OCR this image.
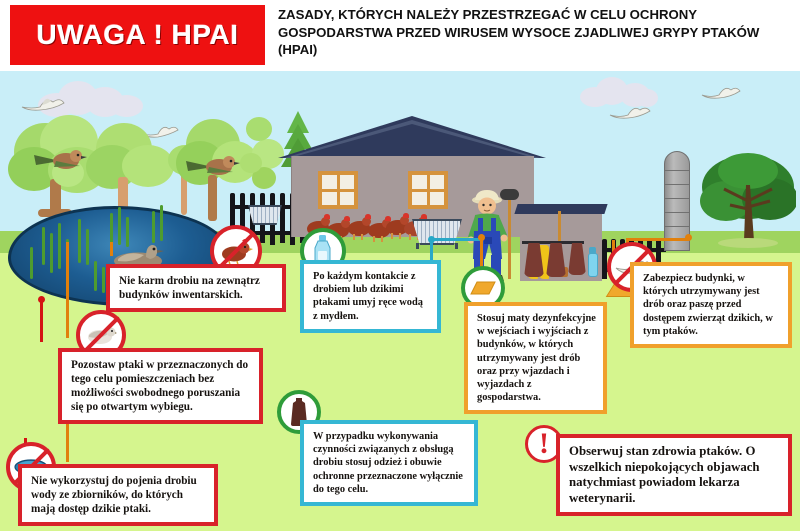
UWAGA ! HPAI
ZASADY, KTÓRYCH NALEŻY PRZESTRZEGAĆ W CELU OCHRONY GOSPODARSTWA PRZED WIRUSEM WYSOCE ZJADLIWEJ GRYPY PTAKÓW (HPAI)
!

Nie karm drobiu na zewnątrz budynków inwentarskich.

Po każdym kontakcie z drobiem lub dzikimi ptakami umyj ręce wodą z mydłem.

Pozostaw ptaki w przeznaczonych do tego celu pomieszczeniach bez możliwości swobodnego poruszania się po otwartym wybiegu.

Stosuj maty dezynfekcyjne w wejściach i wyjściach z budynków, w których utrzymywany jest drób oraz przy wjazdach i wyjazdach z gospodarstwa.

Zabezpiecz budynki, w których utrzymywany jest drób oraz paszę przed dostępem zwierząt dzikich, w tym ptaków.

W przypadku wykonywania czynności związanych z obsługą drobiu stosuj odzież i obuwie ochronne przeznaczone wyłącznie do tego celu.

Nie wykorzystuj do pojenia drobiu wody ze zbiorników, do których mają dostęp dzikie ptaki.

Obserwuj stan zdrowia ptaków. O wszelkich niepokojących objawach natychmiast powiadom lekarza weterynarii.
